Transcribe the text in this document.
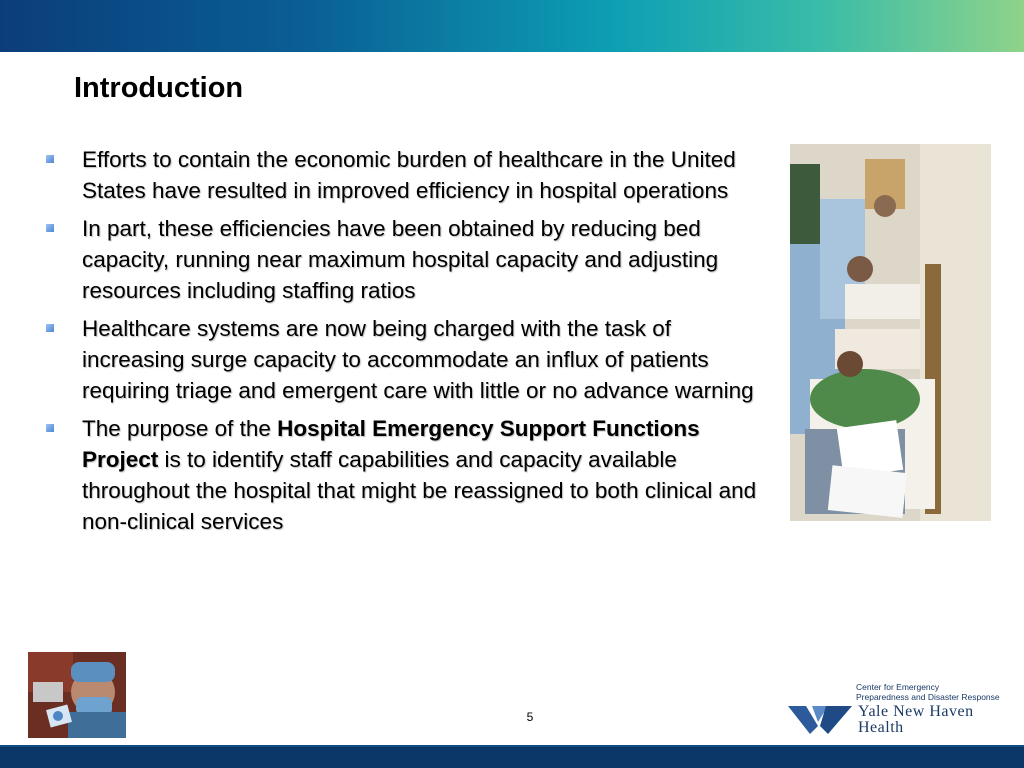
Introduction
Efforts to contain the economic burden of healthcare in the United States have resulted in improved efficiency in hospital operations
In part, these efficiencies have been obtained by reducing bed capacity, running near maximum hospital capacity and adjusting resources including staffing ratios
Healthcare systems are now being charged with the task of increasing surge capacity to accommodate an influx of patients requiring triage and emergent care with little or no advance warning
The purpose of the Hospital Emergency Support Functions Project is to identify staff capabilities and capacity available throughout the hospital that might be reassigned to both clinical and non-clinical services
5
Center for Emergency
Preparedness and Disaster Response
Yale New Haven
Health
